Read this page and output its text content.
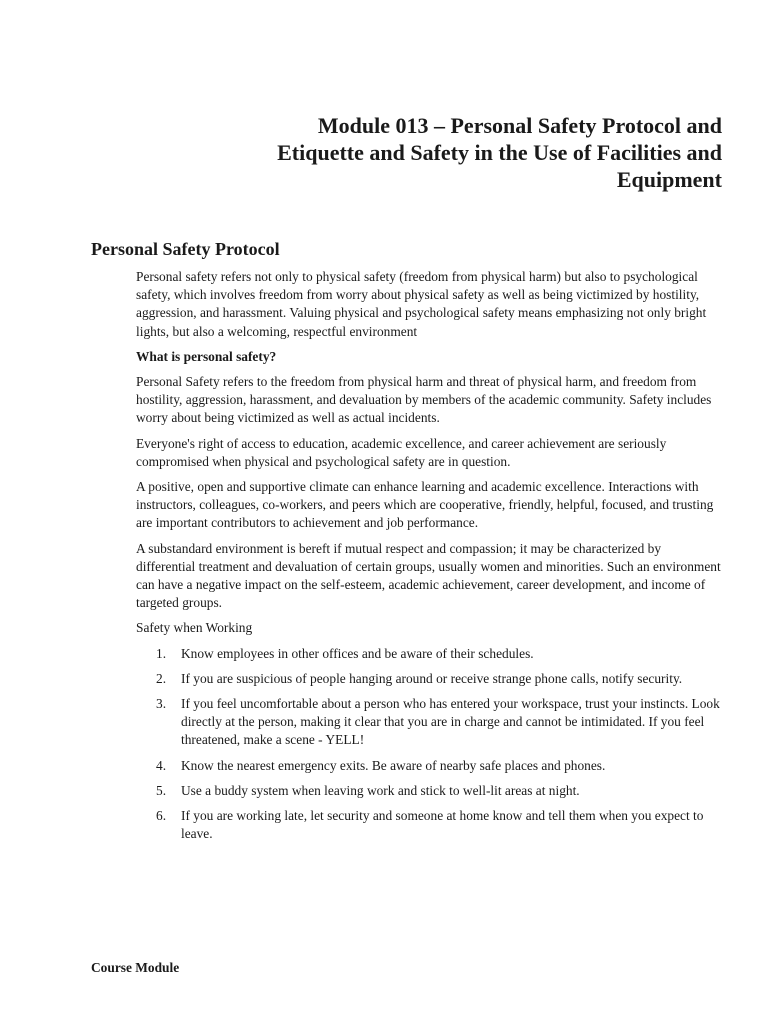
Module 013 – Personal Safety Protocol and
Etiquette and Safety in the Use of Facilities and
Equipment
Personal Safety Protocol

Personal safety refers not only to physical safety (freedom from physical harm) but also to psychological safety, which involves freedom from worry about physical safety as well as being victimized by hostility, aggression, and harassment. Valuing physical and psychological safety means emphasizing not only bright lights, but also a welcoming, respectful environment

What is personal safety?

Personal Safety refers to the freedom from physical harm and threat of physical harm, and freedom from hostility, aggression, harassment, and devaluation by members of the academic community. Safety includes worry about being victimized as well as actual incidents.

Everyone's right of access to education, academic excellence, and career achievement are seriously compromised when physical and psychological safety are in question.

A positive, open and supportive climate can enhance learning and academic excellence. Interactions with instructors, colleagues, co-workers, and peers which are cooperative, friendly, helpful, focused, and trusting are important contributors to achievement and job performance.

A substandard environment is bereft if mutual respect and compassion; it may be characterized by differential treatment and devaluation of certain groups, usually women and minorities. Such an environment can have a negative impact on the self-esteem, academic achievement, career development, and income of targeted groups.

Safety when Working

1. Know employees in other offices and be aware of their schedules.
2. If you are suspicious of people hanging around or receive strange phone calls, notify security.
3. If you feel uncomfortable about a person who has entered your workspace, trust your instincts. Look directly at the person, making it clear that you are in charge and cannot be intimidated. If you feel threatened, make a scene - YELL!
4. Know the nearest emergency exits. Be aware of nearby safe places and phones.
5. Use a buddy system when leaving work and stick to well-lit areas at night.
6. If you are working late, let security and someone at home know and tell them when you expect to leave.
Course Module
